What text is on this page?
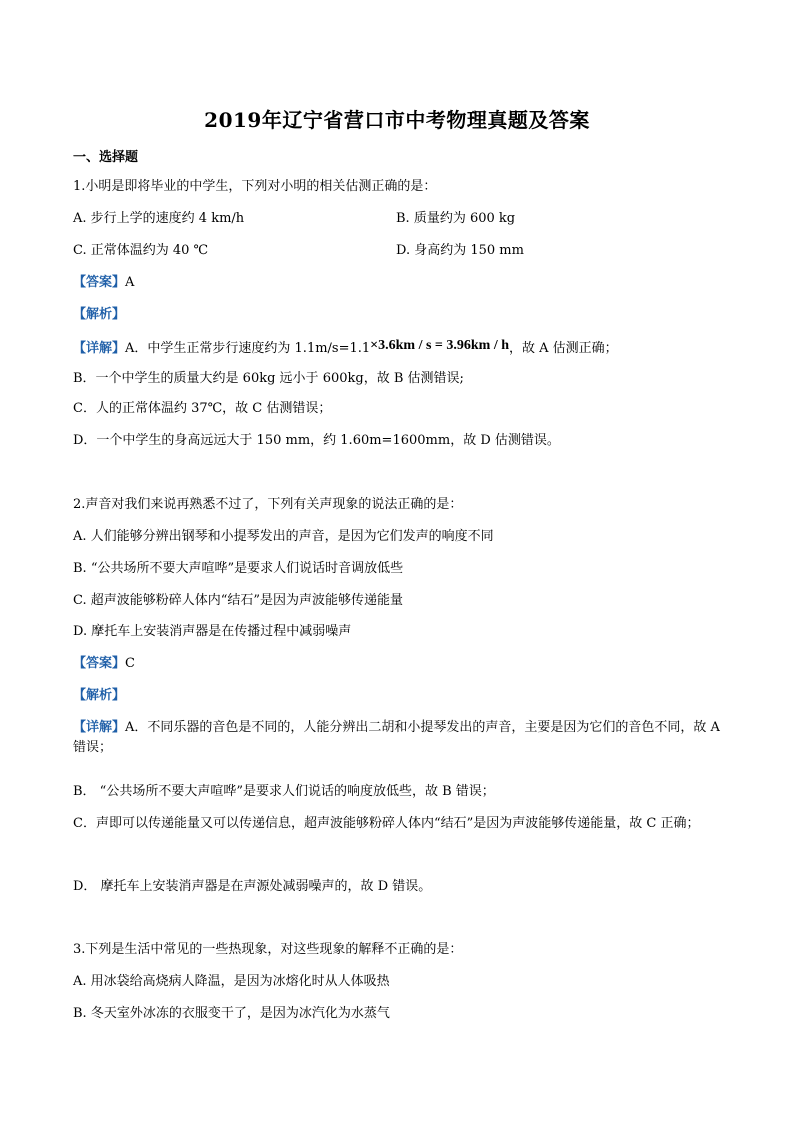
2019年辽宁省营口市中考物理真题及答案
一、选择题
1.小明是即将毕业的中学生，下列对小明的相关估测正确的是：
A. 步行上学的速度约 4 km/h	B. 质量约为 600 kg
C. 正常体温约为 40 ℃	D. 身高约为 150 mm
【答案】A
【解析】
【详解】A．中学生正常步行速度约为 1.1m/s=1.1×3.6km / s = 3.96km / h，故 A 估测正确；
B．一个中学生的质量大约是 60kg 远小于 600kg，故 B 估测错误;
C．人的正常体温约 37℃，故 C 估测错误；
D．一个中学生的身高远远大于 150 mm，约 1.60m=1600mm，故 D 估测错误。
2.声音对我们来说再熟悉不过了，下列有关声现象的说法正确的是：
A. 人们能够分辨出钢琴和小提琴发出的声音，是因为它们发声的响度不同
B. “公共场所不要大声喧哗”是要求人们说话时音调放低些
C. 超声波能够粉碎人体内“结石”是因为声波能够传递能量
D. 摩托车上安装消声器是在传播过程中减弱噪声
【答案】C
【解析】
【详解】A．不同乐器的音色是不同的，人能分辨出二胡和小提琴发出的声音，主要是因为它们的音色不同，故 A 错误；
B． “公共场所不要大声喧哗”是要求人们说话的响度放低些，故 B 错误；
C．声即可以传递能量又可以传递信息，超声波能够粉碎人体内“结石”是因为声波能够传递能量，故 C 正确；
D． 摩托车上安装消声器是在声源处减弱噪声的，故 D 错误。
3.下列是生活中常见的一些热现象，对这些现象的解释不正确的是：
A. 用冰袋给高烧病人降温，是因为冰熔化时从人体吸热
B. 冬天室外冰冻的衣服变干了，是因为冰汽化为水蒸气
